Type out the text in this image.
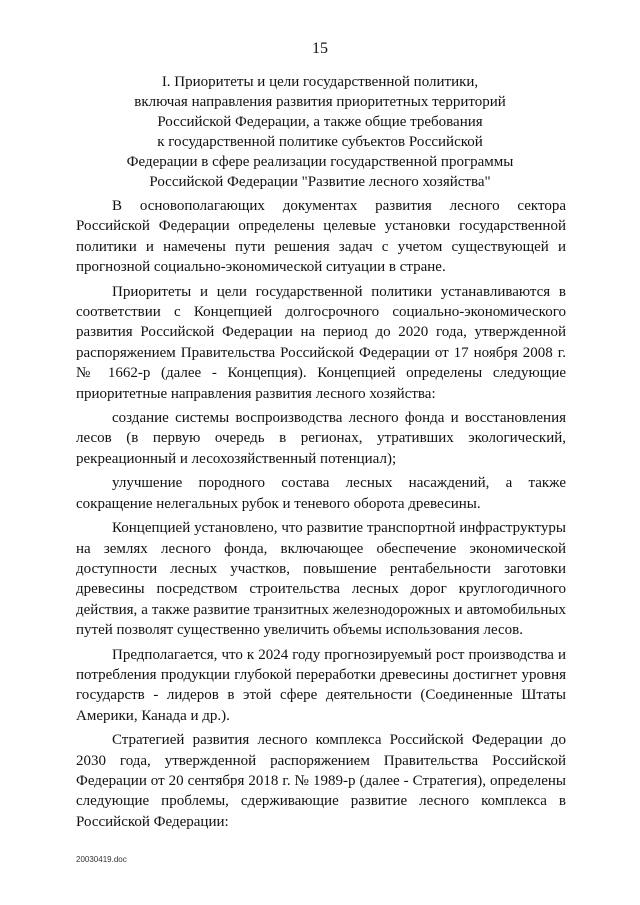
15
I. Приоритеты и цели государственной политики,
включая направления развития приоритетных территорий
Российской Федерации, а также общие требования
к государственной политике субъектов Российской
Федерации в сфере реализации государственной программы
Российской Федерации "Развитие лесного хозяйства"

В основополагающих документах развития лесного сектора Российской Федерации определены целевые установки государственной политики и намечены пути решения задач с учетом существующей и прогнозной социально-экономической ситуации в стране.

Приоритеты и цели государственной политики устанавливаются в соответствии с Концепцией долгосрочного социально-экономического развития Российской Федерации на период до 2020 года, утвержденной распоряжением Правительства Российской Федерации от 17 ноября 2008 г. № 1662-р (далее - Концепция). Концепцией определены следующие приоритетные направления развития лесного хозяйства:

создание системы воспроизводства лесного фонда и восстановления лесов (в первую очередь в регионах, утративших экологический, рекреационный и лесохозяйственный потенциал);

улучшение породного состава лесных насаждений, а также сокращение нелегальных рубок и теневого оборота древесины.

Концепцией установлено, что развитие транспортной инфраструктуры на землях лесного фонда, включающее обеспечение экономической доступности лесных участков, повышение рентабельности заготовки древесины посредством строительства лесных дорог круглогодичного действия, а также развитие транзитных железнодорожных и автомобильных путей позволят существенно увеличить объемы использования лесов.

Предполагается, что к 2024 году прогнозируемый рост производства и потребления продукции глубокой переработки древесины достигнет уровня государств - лидеров в этой сфере деятельности (Соединенные Штаты Америки, Канада и др.).

Стратегией развития лесного комплекса Российской Федерации до 2030 года, утвержденной распоряжением Правительства Российской Федерации от 20 сентября 2018 г. № 1989-р (далее - Стратегия), определены следующие проблемы, сдерживающие развитие лесного комплекса в Российской Федерации:

20030419.doc
